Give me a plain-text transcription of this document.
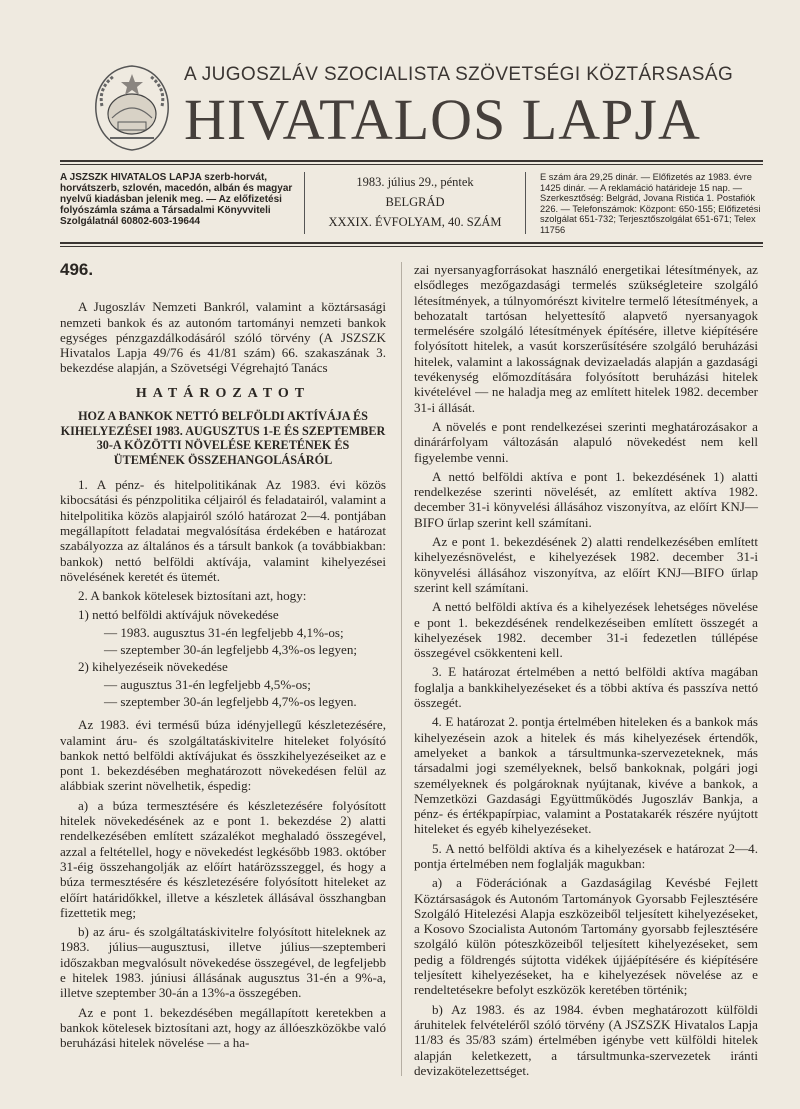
A JUGOSZLÁV SZOCIALISTA SZÖVETSÉGI KÖZTÁRSASÁG
HIVATALOS LAPJA
A JSZSZK HIVATALOS LAPJA szerb-horvát, horvátszerb, szlovén, macedón, albán és magyar nyelvű kiadásban jelenik meg. — Az előfizetési folyószámla száma a Társadalmi Könyvviteli Szolgálatnál 60802-603-19644
1983. július 29., péntek
BELGRÁD
XXXIX. ÉVFOLYAM, 40. SZÁM
E szám ára 29,25 dinár. — Előfizetés az 1983. évre 1425 dinár. — A reklamáció határideje 15 nap. — Szerkesztőség: Belgrád, Jovana Ristića 1. Postafiók 226. — Telefonszámok: Központ: 650-155; Előfizetési szolgálat 651-732; Terjesztőszolgálat 651-671; Telex 11756
496.

A Jugoszláv Nemzeti Bankról, valamint a köztársasági nemzeti bankok és az autonóm tartományi nemzeti bankok egységes pénzgazdálkodásáról szóló törvény (A JSZSZK Hivatalos Lapja 49/76 és 41/81 szám) 66. szakaszának 3. bekezdése alapján, a Szövetségi Végrehajtó Tanács

HATÁROZATOT
HOZ A BANKOK NETTÓ BELFÖLDI AKTÍVÁJA ÉS KIHELYEZÉSEI 1983. AUGUSZTUS 1-E ÉS SZEPTEMBER 30-A KÖZÖTTI NÖVELÉSE KERETÉNEK ÉS ÜTEMÉNEK ÖSSZEHANGOLÁSÁRÓL

1. A pénz- és hitelpolitikának Az 1983. évi közös kibocsátási és pénzpolitika céljairól és feladatairól, valamint a hitelpolitika közös alapjairól szóló határozat 2—4. pontjában megállapított feladatai megvalósítása érdekében e határozat szabályozza az általános és a társult bankok (a továbbiakban: bankok) nettó belföldi aktívája, valamint kihelyezései növelésének keretét és ütemét.

2. A bankok kötelesek biztosítani azt, hogy:

1) nettó belföldi aktívájuk növekedése
— 1983. augusztus 31-én legfeljebb 4,1%-os;
— szeptember 30-án legfeljebb 4,3%-os legyen;
2) kihelyezéseik növekedése
— augusztus 31-én legfeljebb 4,5%-os;
— szeptember 30-án legfeljebb 4,7%-os legyen.

Az 1983. évi termésű búza idényjellegű készletezésére, valamint áru- és szolgáltatáskivitelre hiteleket folyósító bankok nettó belföldi aktívájukat és összkihelyezéseiket az e pont 1. bekezdésében meghatározott növekedésen felül az alábbiak szerint növelhetik, éspedig:

a) a búza termesztésére és készletezésére folyósított hitelek növekedésének az e pont 1. bekezdése 2) alatti rendelkezésében említett százalékot meghaladó összegével, azzal a feltétellel, hogy e növekedést legkésőbb 1983. október 31-éig összehangolják az előírt határözsszeggel, és hogy a búza termesztésére és készletezésére folyósított hiteleket az előírt határidőkkel, illetve a készletek állásával összhangban fizettetik meg;

b) az áru- és szolgáltatáskivitelre folyósított hiteleknek az 1983. július—augusztusi, illetve július—szeptemberi időszakban megvalósult növekedése összegével, de legfeljebb e hitelek 1983. júniusi állásának augusztus 31-én a 9%-a, illetve szeptember 30-án a 13%-a összegében.

Az e pont 1. bekezdésében megállapított keretekben a bankok kötelesek biztosítani azt, hogy az állóeszközökbe való beruházási hitelek növelése — a ha-

zai nyersanyagforrásokat használó energetikai létesítmények, az elsődleges mezőgazdasági termelés szükségleteire szolgáló létesítmények, a túlnyomórészt kivitelre termelő létesítmények, a behozatalt tartósan helyettesítő alapvető nyersanyagok termelésére szolgáló létesítmények építésére, illetve kiépítésére folyósított hitelek, a vasút korszerűsítésére szolgáló beruházási hitelek, valamint a lakosságnak devizaeladás alapján a gazdasági tevékenység előmozdítására folyósított beruházási hitelek kivételével — ne haladja meg az említett hitelek 1982. december 31-i állását.

A növelés e pont rendelkezései szerinti meghatározásakor a dinárárfolyam változásán alapuló növekedést nem kell figyelembe venni.

A nettó belföldi aktíva e pont 1. bekezdésének 1) alatti rendelkezése szerinti növelését, az említett aktíva 1982. december 31-i könyvelési állásához viszonyítva, az előírt KNJ—BIFO űrlap szerint kell számítani.

Az e pont 1. bekezdésének 2) alatti rendelkezésében említett kihelyezésnövelést, e kihelyezések 1982. december 31-i könyvelési állásához viszonyítva, az előírt KNJ—BIFO űrlap szerint kell számítani.

A nettó belföldi aktíva és a kihelyezések lehetséges növelése e pont 1. bekezdésének rendelkezéseiben említett összegét a kihelyezések 1982. december 31-i fedezetlen túllépése összegével csökkenteni kell.

3. E határozat értelmében a nettó belföldi aktíva magában foglalja a bankkihelyezéseket és a többi aktíva és passzíva nettó összegét.

4. E határozat 2. pontja értelmében hiteleken és a bankok más kihelyezésein azok a hitelek és más kihelyezések értendők, amelyeket a bankok a társultmunka-szervezeteknek, más társadalmi jogi személyeknek, belső bankoknak, polgári jogi személyeknek és polgároknak nyújtanak, kivéve a bankok, a Nemzetközi Gazdasági Együttműködés Jugoszláv Bankja, a pénz- és értékpapírpiac, valamint a Postatakarék részére nyújtott hiteleket és egyéb kihelyezéseket.

5. A nettó belföldi aktíva és a kihelyezések e határozat 2—4. pontja értelmében nem foglalják magukban:

a) a Föderációnak a Gazdaságilag Kevésbé Fejlett Köztársaságok és Autonóm Tartományok Gyorsabb Fejlesztésére Szolgáló Hitelezési Alapja eszközeiből teljesített kihelyezéseket, a Kosovo Szocialista Autonóm Tartomány gyorsabb fejlesztésére szolgáló külön póteszközeiből teljesített kihelyezéseket, sem pedig a földrengés sújtotta vidékek újjáépítésére és kiépítésére teljesített kihelyezéseket, ha e kihelyezések növelése az e rendeltetésekre befolyt eszközök keretében történik;

b) Az 1983. és az 1984. évben meghatározott külföldi áruhitelek felvételéről szóló törvény (A JSZSZK Hivatalos Lapja 11/83 és 35/83 szám) értelmében igénybe vett külföldi hitelek alapján keletkezett, a társultmunka-szervezetek iránti devizakötelezettséget.
